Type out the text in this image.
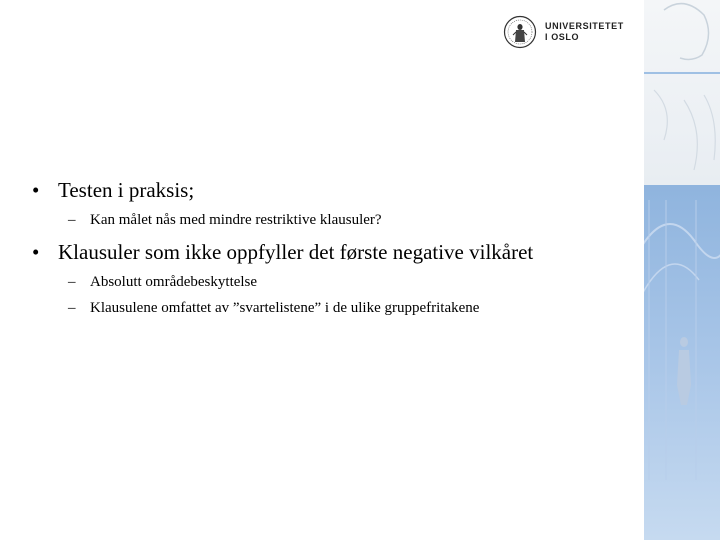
UNIVERSITETET
I OSLO
• Testen i praksis;
– Kan målet nås med mindre restriktive klausuler?
• Klausuler som ikke oppfyller det første negative vilkåret
– Absolutt områdebeskyttelse
– Klausulene omfattet av ”svartelistene” i de ulike gruppefritakene
